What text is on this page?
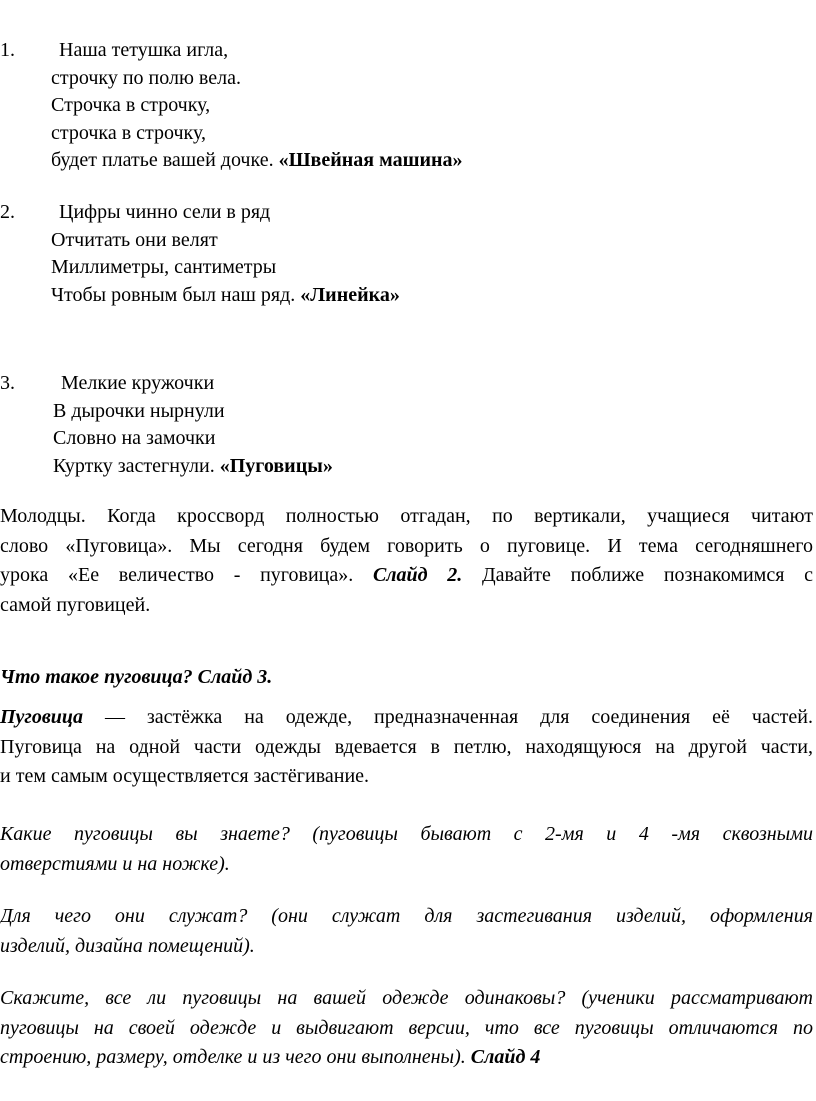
1.	Наша тетушка игла,
строчку по полю вела.
Строчка в строчку,
строчка в строчку,
будет платье вашей дочке. «Швейная машина»
2.	Цифры чинно сели в ряд
Отчитать они велят
Миллиметры, сантиметры
Чтобы ровным был наш ряд. «Линейка»
3.	Мелкие кружочки
В дырочки нырнули
Словно на замочки
Куртку застегнули. «Пуговицы»
Молодцы. Когда кроссворд полностью отгадан, по вертикали, учащиеся читают
слово «Пуговица». Мы сегодня будем говорить о пуговице. И тема сегодняшнего
урока «Ее величество - пуговица». Слайд 2. Давайте поближе познакомимся с
самой пуговицей.
Что такое пуговица? Слайд 3.
Пуговица — застёжка на одежде, предназначенная для соединения её частей.
Пуговица на одной части одежды вдевается в петлю, находящуюся на другой части,
и тем самым осуществляется застёгивание.
Какие пуговицы вы знаете? (пуговицы бывают с 2-мя и 4 -мя сквозными
отверстиями и на ножке).
Для чего они служат? (они служат для застегивания изделий, оформления
изделий, дизайна помещений).
Скажите, все ли пуговицы на вашей одежде одинаковы? (ученики рассматривают
пуговицы на своей одежде и выдвигают версии, что все пуговицы отличаются по
строению, размеру, отделке и из чего они выполнены). Слайд 4
